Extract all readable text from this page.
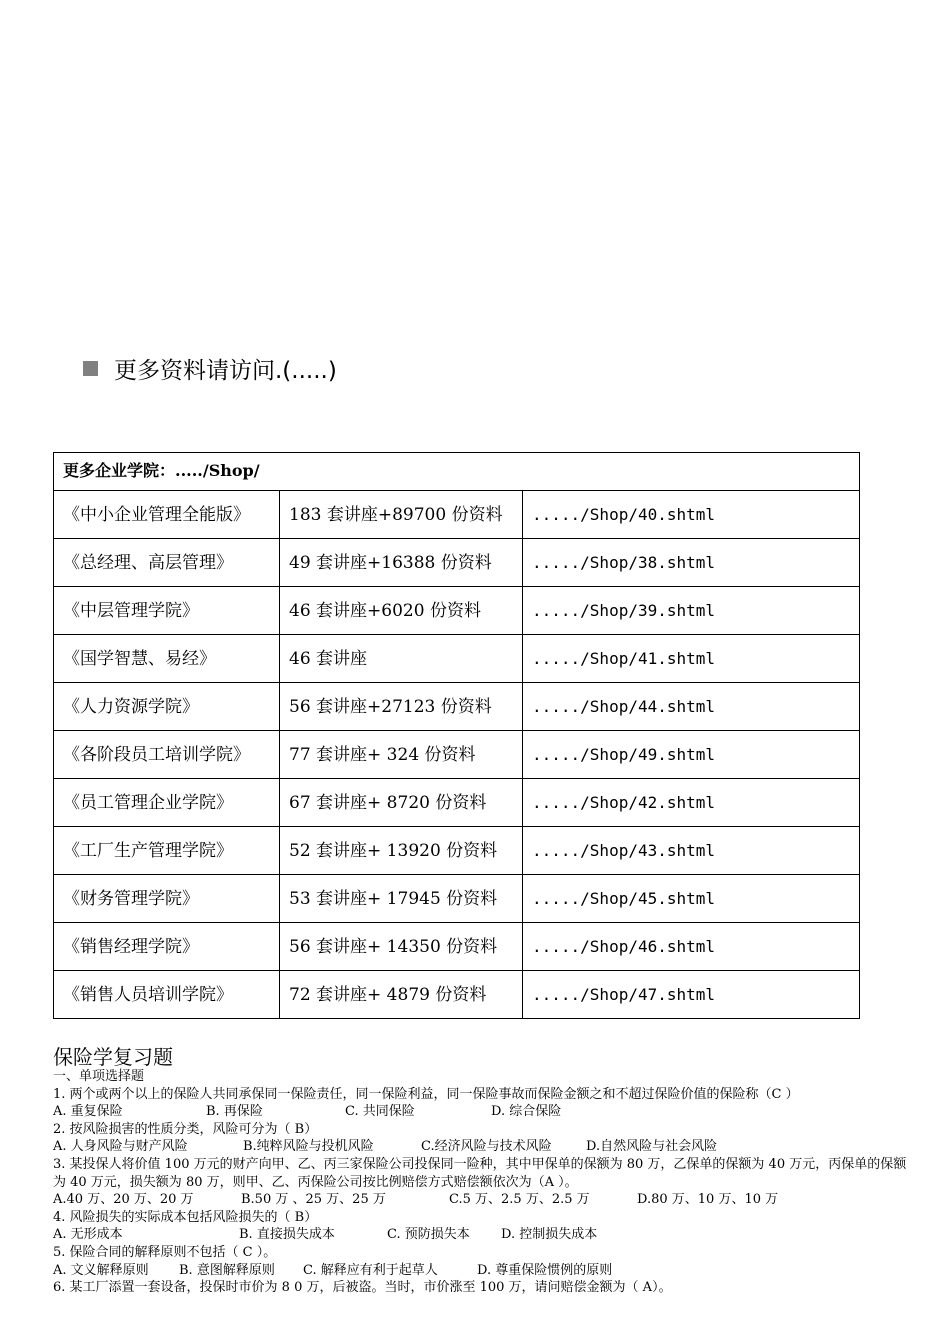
更多资料请访问.(.....)
更多企业学院：...../Shop/		
《中小企业管理全能版》	183 套讲座+89700 份资料	...../Shop/40.shtml
《总经理、高层管理》	49 套讲座+16388 份资料	...../Shop/38.shtml
《中层管理学院》	46 套讲座+6020 份资料	...../Shop/39.shtml
《国学智慧、易经》	46 套讲座	...../Shop/41.shtml
《人力资源学院》	56 套讲座+27123 份资料	...../Shop/44.shtml
《各阶段员工培训学院》	77 套讲座+ 324 份资料	...../Shop/49.shtml
《员工管理企业学院》	67 套讲座+ 8720 份资料	...../Shop/42.shtml
《工厂生产管理学院》	52 套讲座+ 13920 份资料	...../Shop/43.shtml
《财务管理学院》	53 套讲座+ 17945 份资料	...../Shop/45.shtml
《销售经理学院》	56 套讲座+ 14350 份资料	...../Shop/46.shtml
《销售人员培训学院》	72 套讲座+ 4879 份资料	...../Shop/47.shtml
保险学复习题
一、单项选择题
1. 两个或两个以上的保险人共同承保同一保险责任，同一保险利益，同一保险事故而保险金额之和不超过保险价值的保险称（C ）
A. 重复保险	B. 再保险	C. 共同保险	D. 综合保险
2. 按风险损害的性质分类，风险可分为（ B）
A. 人身风险与财产风险	B.纯粹风险与投机风险	C.经济风险与技术风险	D.自然风险与社会风险
3. 某投保人将价值 100 万元的财产向甲、乙、丙三家保险公司投保同一险种，其中甲保单的保额为 80 万，乙保单的保额为 40 万元，丙保单的保额为 40 万元，损失额为 80 万，则甲、乙、丙保险公司按比例赔偿方式赔偿额依次为（A ）。
A.40 万、20 万、20 万	B.50 万 、25 万、25 万	C.5 万、2.5 万、2.5 万	D.80 万、10 万、10 万
4. 风险损失的实际成本包括风险损失的（ B）
A. 无形成本	B. 直接损失成本	C. 预防损失本	D. 控制损失成本
5. 保险合同的解释原则不包括（ C ）。
A. 文义解释原则	B. 意图解释原则	C. 解释应有利于起草人	D. 尊重保险惯例的原则
6. 某工厂添置一套设备，投保时市价为 8 0 万，后被盗。当时，市价涨至 100 万，请问赔偿金额为（ A）。
